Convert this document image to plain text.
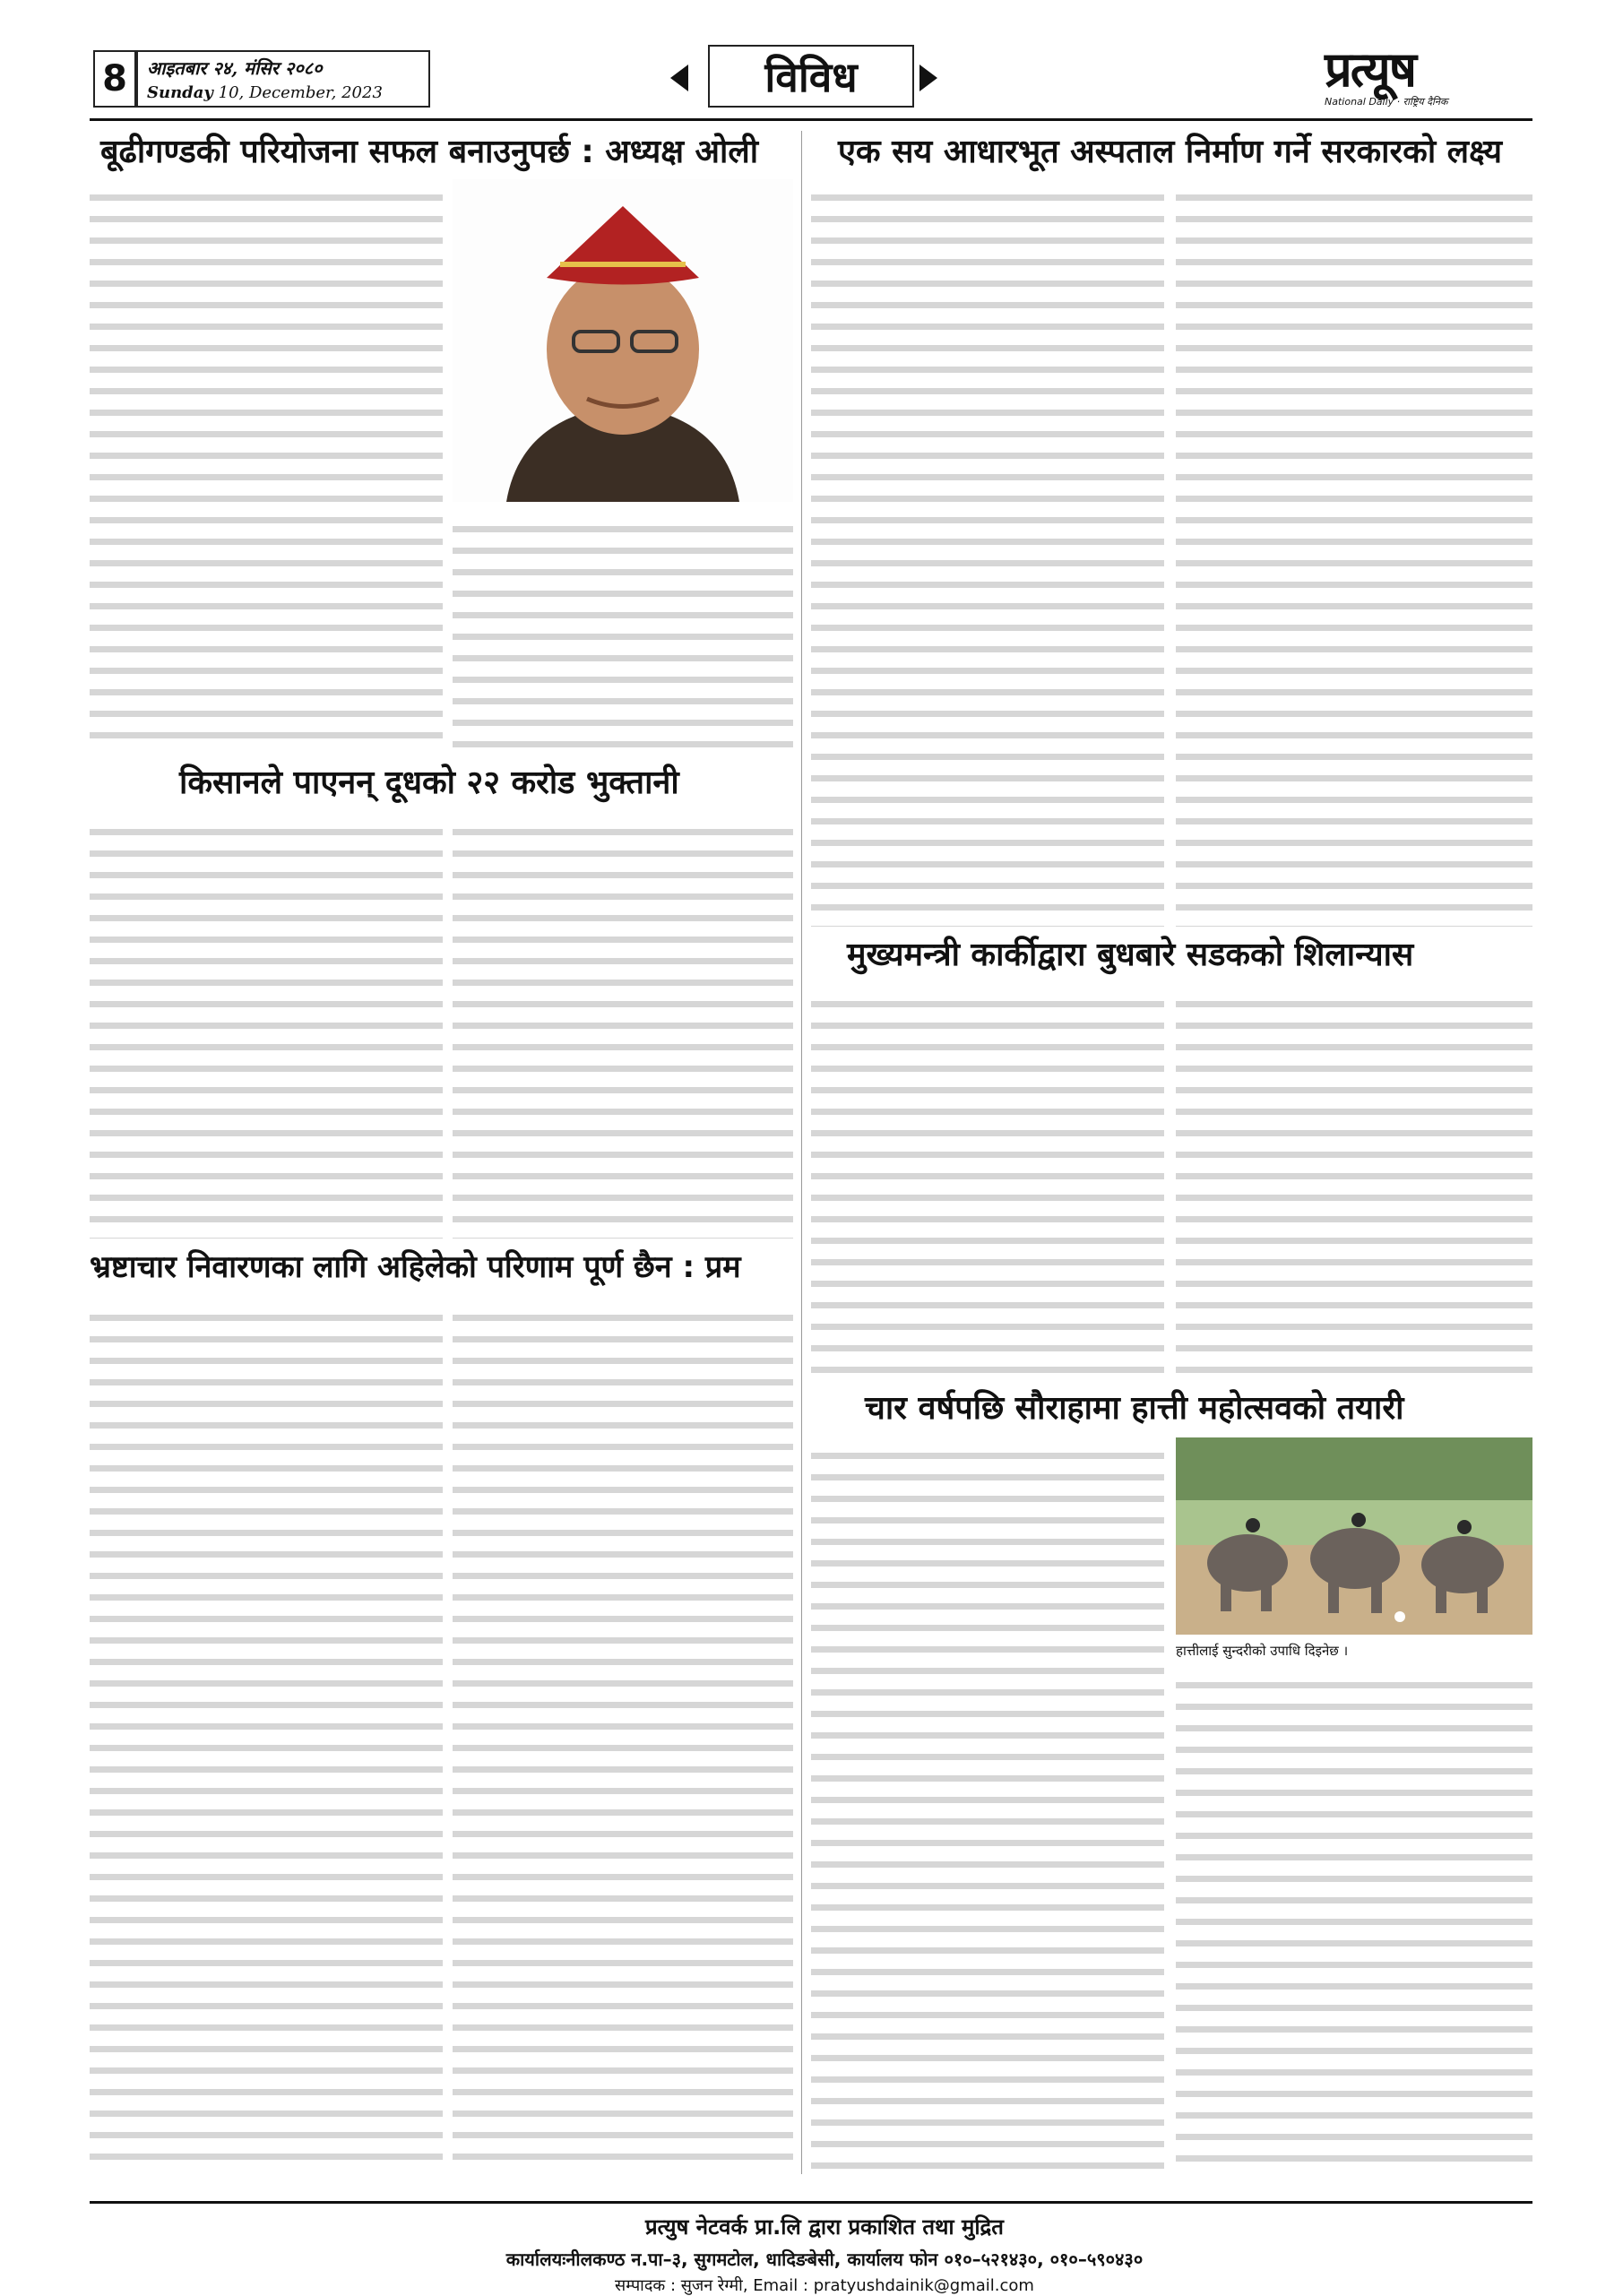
8	आइतबार २४, मंसिर २०८०
Sunday 10, December, 2023	विविध	प्रत्यूष
National Daily · राष्ट्रिय दैनिक
बूढीगण्डकी परियोजना सफल बनाउनुपर्छ : अध्यक्ष ओली
किसानले पाएनन् दूधको २२ करोड भुक्तानी
भ्रष्टाचार निवारणका लागि अहिलेको परिणाम पूर्ण छैन : प्रम
एक सय आधारभूत अस्पताल निर्माण गर्ने सरकारको लक्ष्य
मुख्यमन्त्री कार्कीद्वारा बुधबारे सडकको शिलान्यास
चार वर्षपछि सौराहामा हात्ती महोत्सवको तयारी
हात्तीलाई सुन्दरीको उपाधि दिइनेछ ।
प्रत्युष नेटवर्क प्रा.लि द्वारा प्रकाशित तथा मुद्रित
कार्यालयःनीलकण्ठ न.पा–३, सुगमटोल, धादिङबेसी, कार्यालय फोन ०१०–५२१४३०, ०१०–५९०४३०
सम्पादक : सुजन रेग्मी, Email : pratyushdainik@gmail.com
